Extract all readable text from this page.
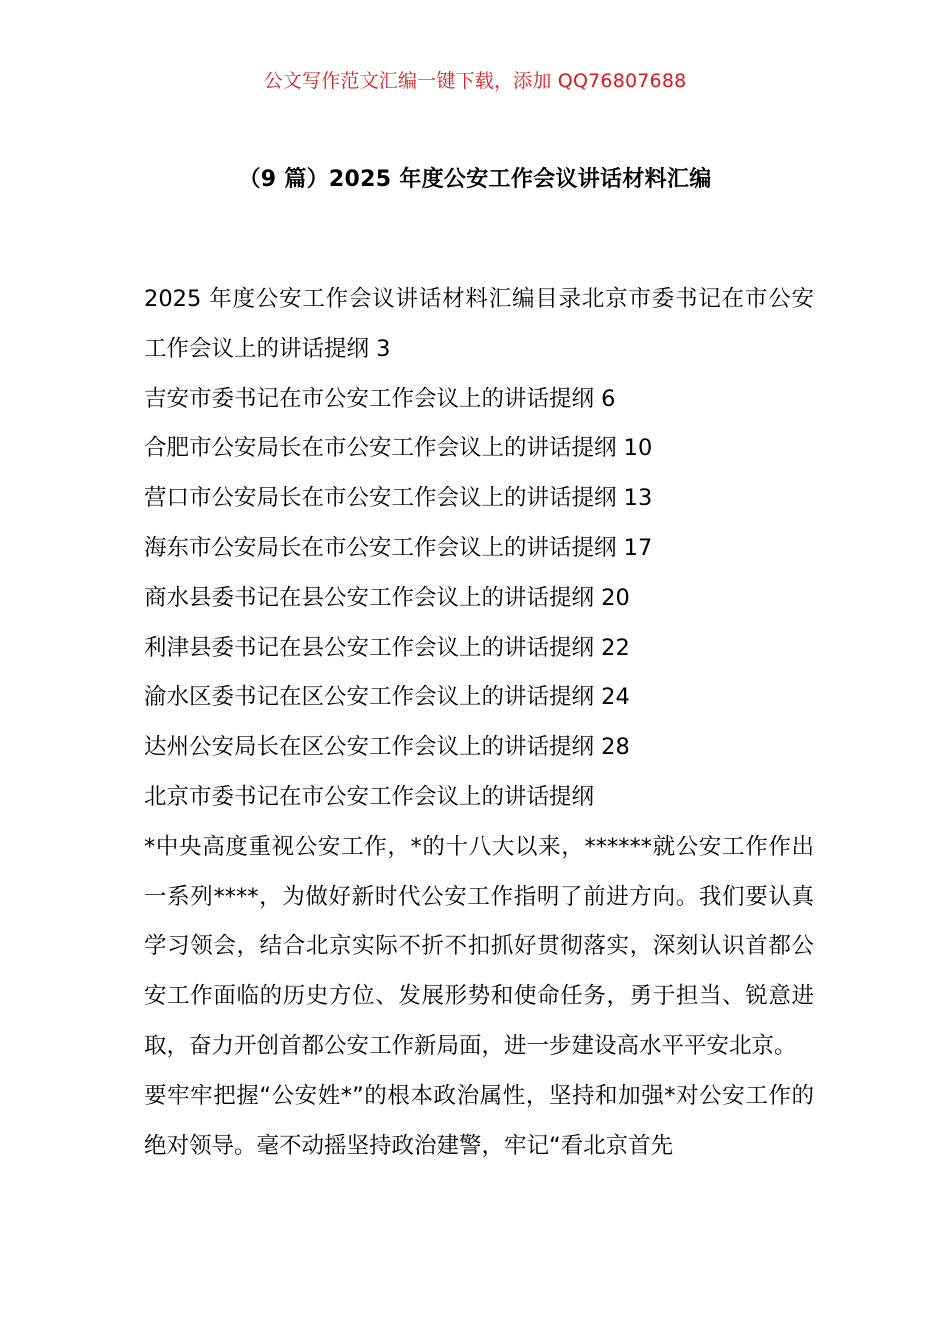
公文写作范文汇编一键下载，添加 QQ76807688
（9 篇）2025 年度公安工作会议讲话材料汇编

2025 年度公安工作会议讲话材料汇编目录北京市委书记在市公安工作会议上的讲话提纲 3

吉安市委书记在市公安工作会议上的讲话提纲 6

合肥市公安局长在市公安工作会议上的讲话提纲 10

营口市公安局长在市公安工作会议上的讲话提纲 13

海东市公安局长在市公安工作会议上的讲话提纲 17

商水县委书记在县公安工作会议上的讲话提纲 20

利津县委书记在县公安工作会议上的讲话提纲 22

渝水区委书记在区公安工作会议上的讲话提纲 24

达州公安局长在区公安工作会议上的讲话提纲 28

北京市委书记在市公安工作会议上的讲话提纲

*中央高度重视公安工作，*的十八大以来，******就公安工作作出一系列****，为做好新时代公安工作指明了前进方向。我们要认真学习领会，结合北京实际不折不扣抓好贯彻落实，深刻认识首都公安工作面临的历史方位、发展形势和使命任务，勇于担当、锐意进取，奋力开创首都公安工作新局面，进一步建设高水平平安北京。

要牢牢把握“公安姓*”的根本政治属性，坚持和加强*对公安工作的绝对领导。毫不动摇坚持政治建警，牢记“看北京首先
